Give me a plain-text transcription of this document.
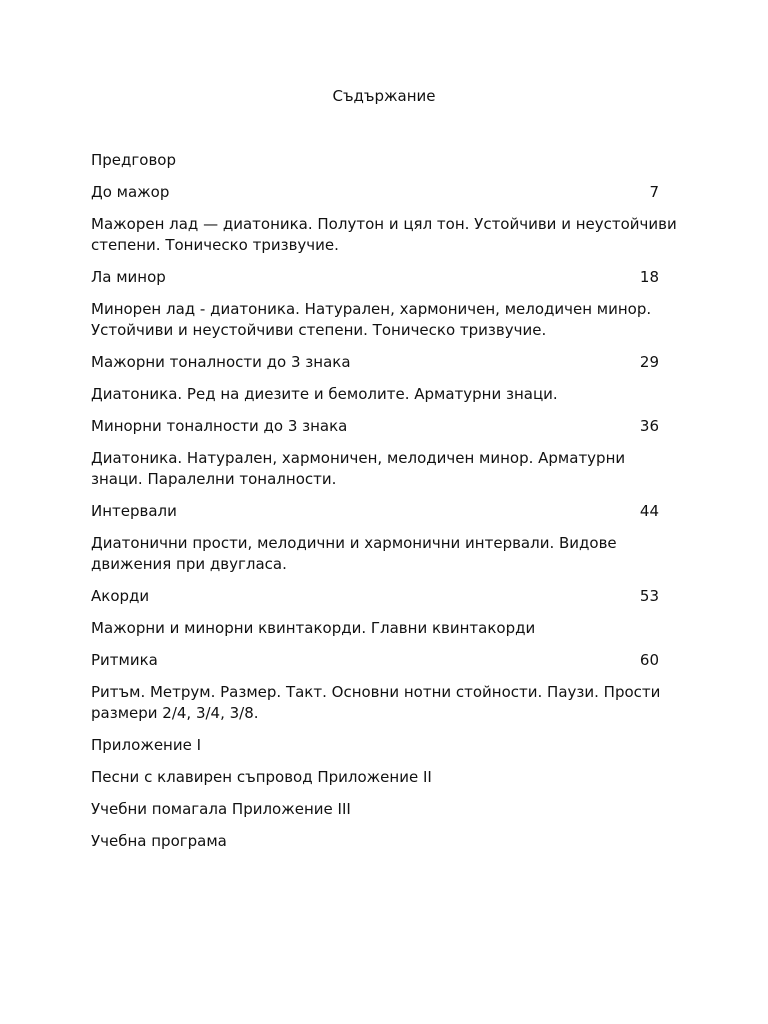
Съдържание
Предговор
До мажор	7
Мажорен лад — диатоника. Полутон и цял тон. Устойчиви и неустойчиви степени. Тоническо тризвучие.
Ла минор	18
Минорен лад - диатоника. Натурален, хармоничен, мелодичен минор. Устойчиви и неустойчиви степени. Тоническо тризвучие.
Мажорни тоналности до 3 знака	29
Диатоника. Ред на диезите и бемолите. Арматурни знаци.
Минорни тоналности до 3 знака	36
Диатоника. Натурален, хармоничен, мелодичен минор. Арматурни знаци. Паралелни тоналности.
Интервали	44
Диатонични прости, мелодични и хармонични интервали. Видове движения при двугласа.
Акорди	53
Мажорни и минорни квинтакорди. Главни квинтакорди
Ритмика	60
Ритъм. Метрум. Размер. Такт. Основни нотни стойности. Паузи. Прости размери 2/4, 3/4, 3/8.
Приложение I
Песни с клавирен съпровод Приложение II
Учебни помагала Приложение III
Учебна програма
